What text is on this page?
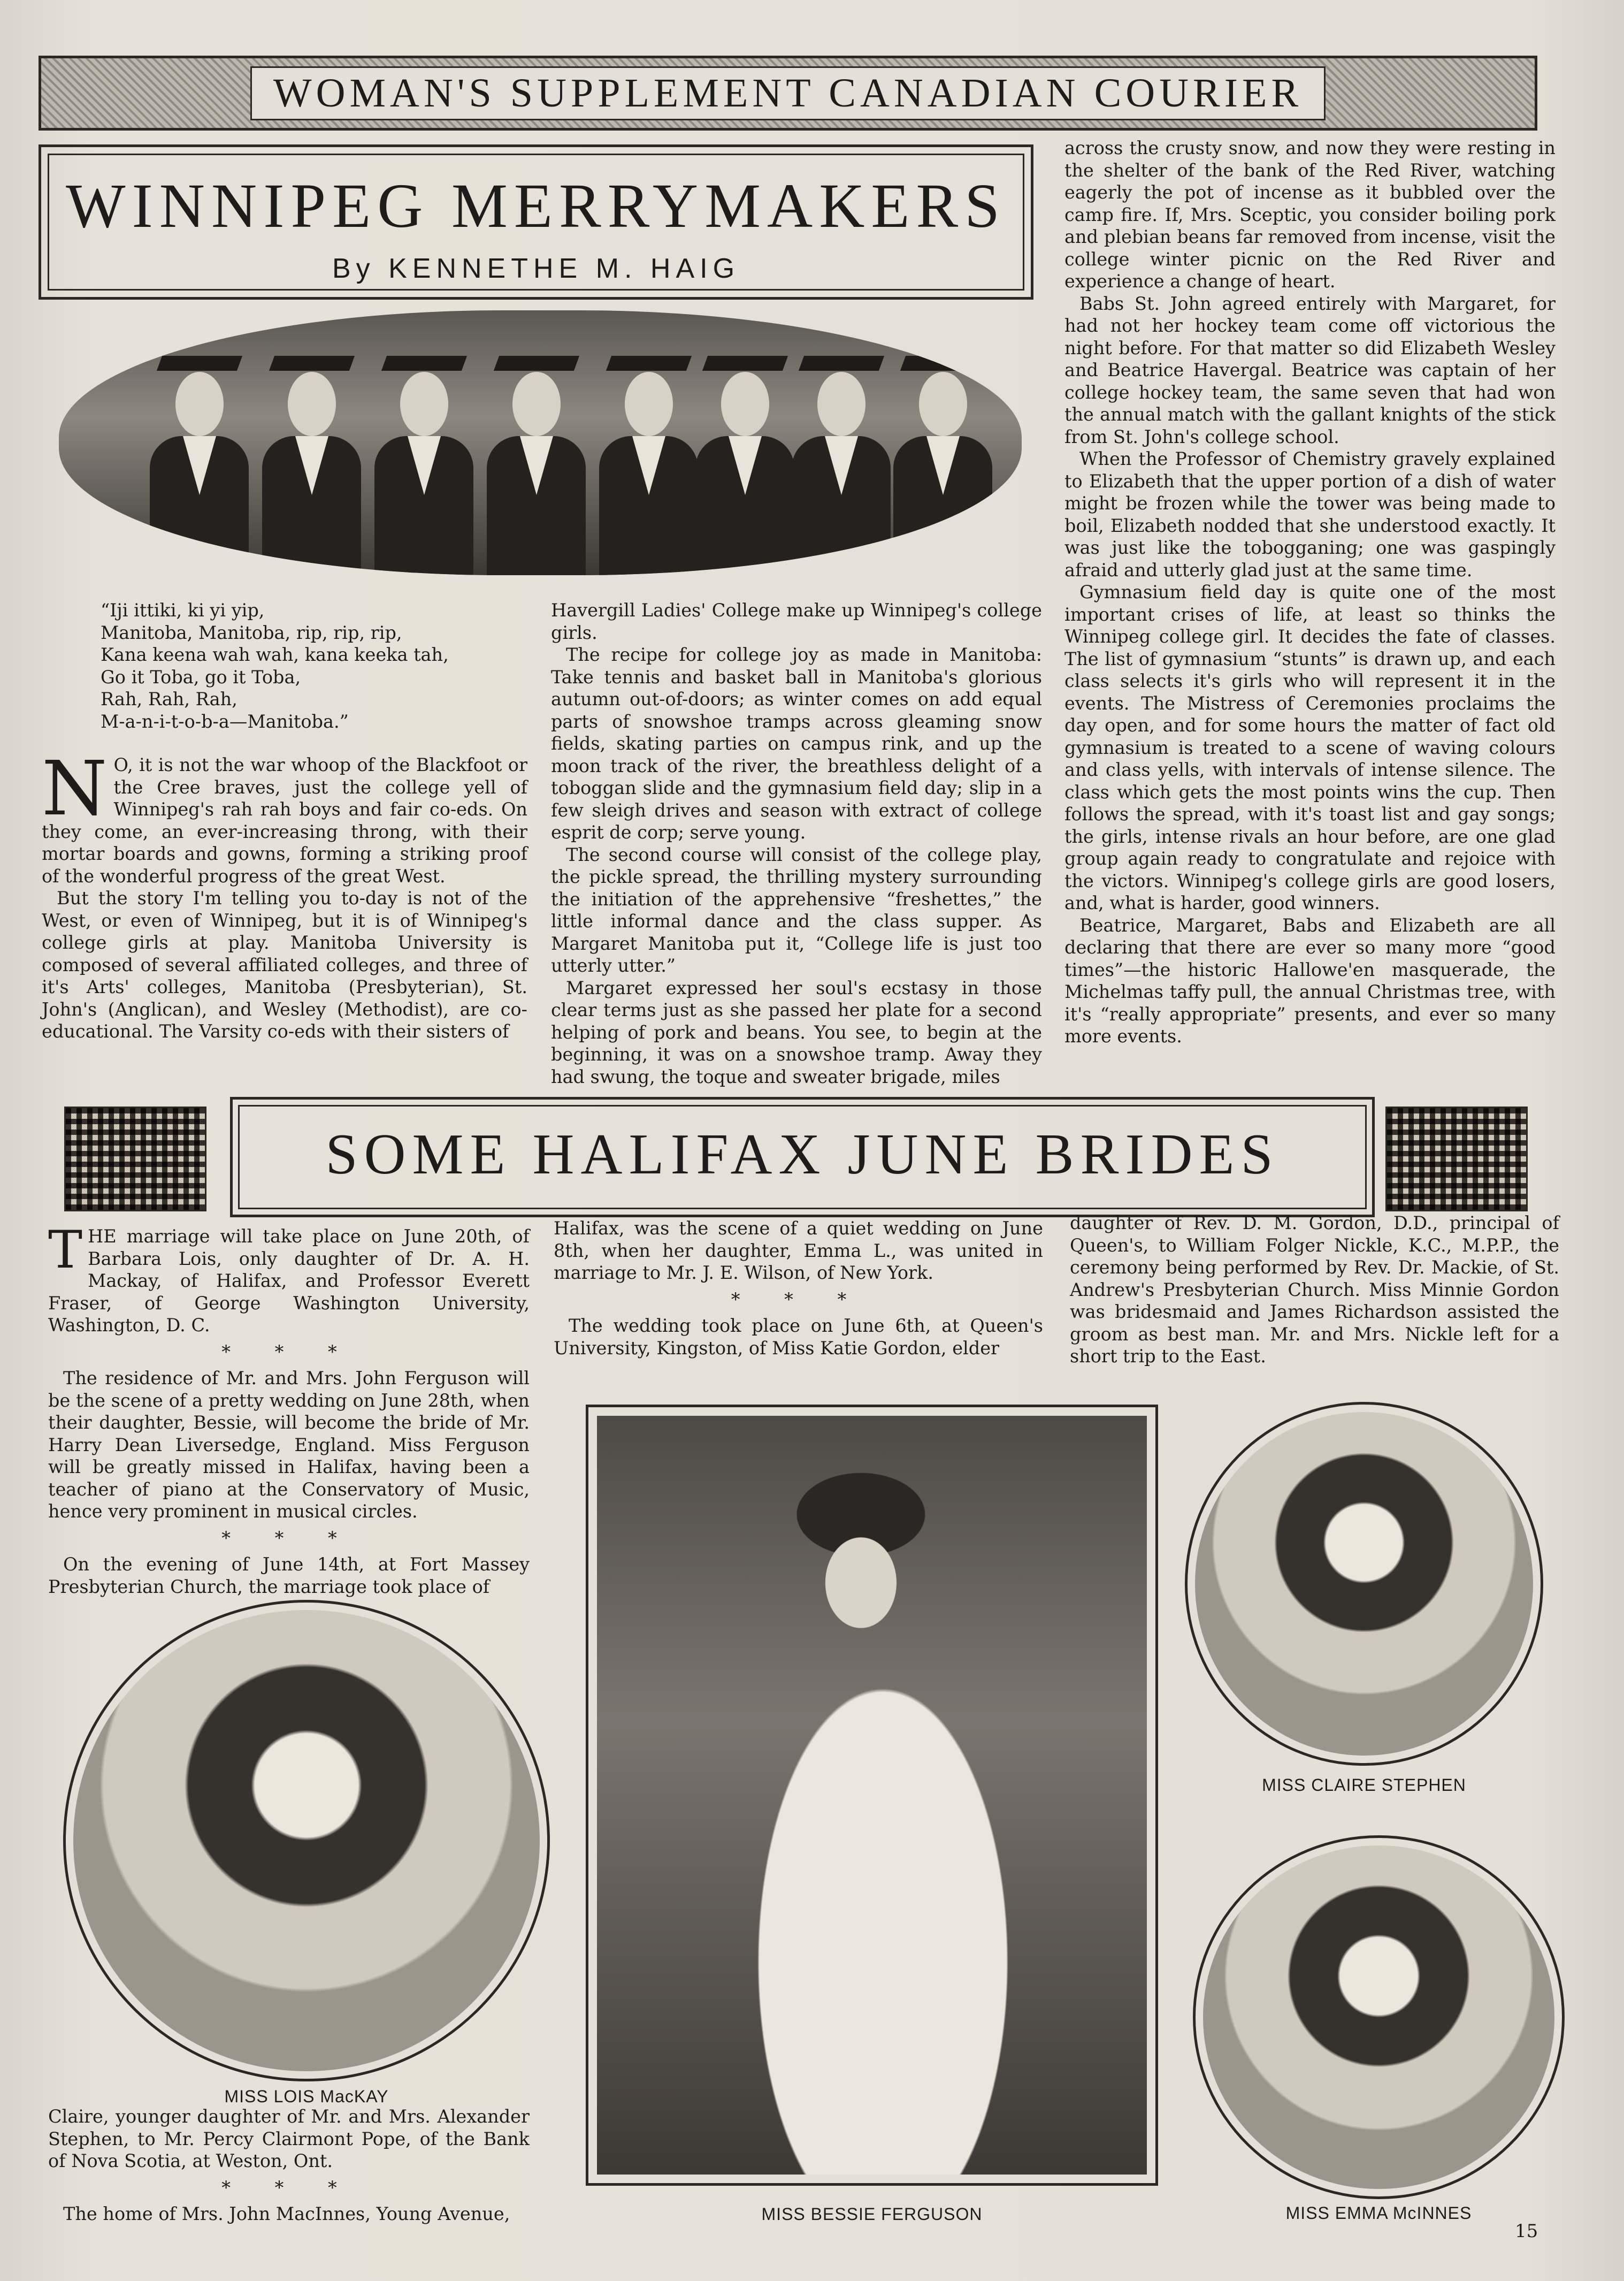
WOMAN'S SUPPLEMENT CANADIAN COURIER
WINNIPEG MERRYMAKERS
By KENNETHE M. HAIG
“Iji ittiki, ki yi yip,
Manitoba, Manitoba, rip, rip, rip,
Kana keena wah wah, kana keeka tah,
Go it Toba, go it Toba,
Rah, Rah, Rah,
M-a-n-i-t-o-b-a—Manitoba.”

N O, it is not the war whoop of the Blackfoot or the Cree braves, just the college yell of Winnipeg's rah rah boys and fair co-eds. On they come, an ever-increasing throng, with their mortar boards and gowns, forming a striking proof of the wonderful progress of the great West.

But the story I'm telling you to-day is not of the West, or even of Winnipeg, but it is of Winnipeg's college girls at play. Manitoba University is composed of several affiliated colleges, and three of it's Arts' colleges, Manitoba (Presbyterian), St. John's (Anglican), and Wesley (Methodist), are co-educational. The Varsity co-eds with their sisters of

Havergill Ladies' College make up Winnipeg's college girls.

The recipe for college joy as made in Manitoba: Take tennis and basket ball in Manitoba's glorious autumn out-of-doors; as winter comes on add equal parts of snowshoe tramps across gleaming snow fields, skating parties on campus rink, and up the moon track of the river, the breathless delight of a toboggan slide and the gymnasium field day; slip in a few sleigh drives and season with extract of college esprit de corp; serve young.

The second course will consist of the college play, the pickle spread, the thrilling mystery surrounding the initiation of the apprehensive “freshettes,” the little informal dance and the class supper. As Margaret Manitoba put it, “College life is just too utterly utter.”

Margaret expressed her soul's ecstasy in those clear terms just as she passed her plate for a second helping of pork and beans. You see, to begin at the beginning, it was on a snowshoe tramp. Away they had swung, the toque and sweater brigade, miles

across the crusty snow, and now they were resting in the shelter of the bank of the Red River, watching eagerly the pot of incense as it bubbled over the camp fire. If, Mrs. Sceptic, you consider boiling pork and plebian beans far removed from incense, visit the college winter picnic on the Red River and experience a change of heart.

Babs St. John agreed entirely with Margaret, for had not her hockey team come off victorious the night before. For that matter so did Elizabeth Wesley and Beatrice Havergal. Beatrice was captain of her college hockey team, the same seven that had won the annual match with the gallant knights of the stick from St. John's college school.

When the Professor of Chemistry gravely explained to Elizabeth that the upper portion of a dish of water might be frozen while the tower was being made to boil, Elizabeth nodded that she understood exactly. It was just like the tobogganing; one was gaspingly afraid and utterly glad just at the same time.

Gymnasium field day is quite one of the most important crises of life, at least so thinks the Winnipeg college girl. It decides the fate of classes. The list of gymnasium “stunts” is drawn up, and each class selects it's girls who will represent it in the events. The Mistress of Ceremonies proclaims the day open, and for some hours the matter of fact old gymnasium is treated to a scene of waving colours and class yells, with intervals of intense silence. The class which gets the most points wins the cup. Then follows the spread, with it's toast list and gay songs; the girls, intense rivals an hour before, are one glad group again ready to congratulate and rejoice with the victors. Winnipeg's college girls are good losers, and, what is harder, good winners.

Beatrice, Margaret, Babs and Elizabeth are all declaring that there are ever so many more “good times”—the historic Hallowe'en masquerade, the Michelmas taffy pull, the annual Christmas tree, with it's “really appropriate” presents, and ever so many more events.

SOME HALIFAX JUNE BRIDES

THE marriage will take place on June 20th, of Barbara Lois, only daughter of Dr. A. H. Mackay, of Halifax, and Professor Everett Fraser, of George Washington University, Washington, D. C.

* * *

The residence of Mr. and Mrs. John Ferguson will be the scene of a pretty wedding on June 28th, when their daughter, Bessie, will become the bride of Mr. Harry Dean Liversedge, England. Miss Ferguson will be greatly missed in Halifax, having been a teacher of piano at the Conservatory of Music, hence very prominent in musical circles.

* * *

On the evening of June 14th, at Fort Massey Presbyterian Church, the marriage took place of

Claire, younger daughter of Mr. and Mrs. Alexander Stephen, to Mr. Percy Clairmont Pope, of the Bank of Nova Scotia, at Weston, Ont.

* * *

The home of Mrs. John MacInnes, Young Avenue,

Halifax, was the scene of a quiet wedding on June 8th, when her daughter, Emma L., was united in marriage to Mr. J. E. Wilson, of New York.

* * *

The wedding took place on June 6th, at Queen's University, Kingston, of Miss Katie Gordon, elder

daughter of Rev. D. M. Gordon, D.D., principal of Queen's, to William Folger Nickle, K.C., M.P.P., the ceremony being performed by Rev. Dr. Mackie, of St. Andrew's Presbyterian Church. Miss Minnie Gordon was bridesmaid and James Richardson assisted the groom as best man. Mr. and Mrs. Nickle left for a short trip to the East.

MISS LOIS MacKAY
MISS BESSIE FERGUSON
MISS CLAIRE STEPHEN
MISS EMMA McINNES
15
